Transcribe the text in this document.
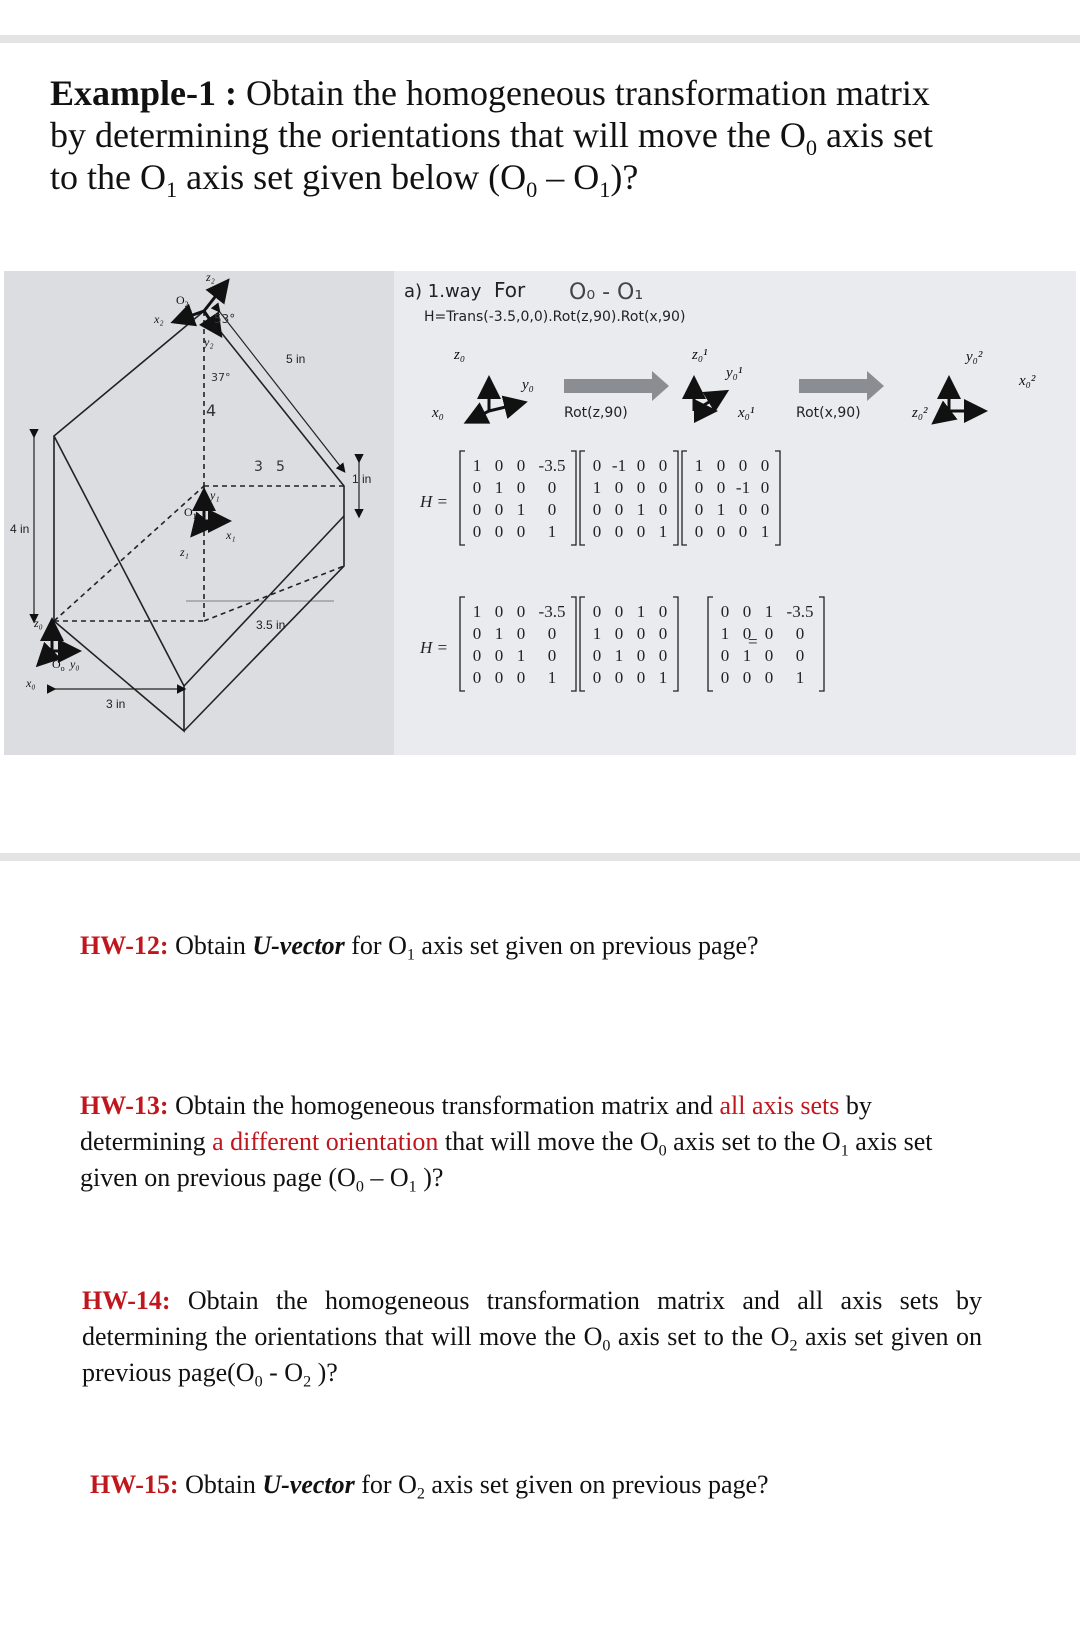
Example-1 : Obtain the homogeneous transformation matrix by determining the orientations that will move the $O_0$ axis set to the $O_1$ axis set given below $(O_0 - O_1)$?
5 in
1 in
4 in
3.5 in
3 in
z₂
x₂
y₂
$O_2$
53°
37°
4
3 5
y₁
x₁
z₁
$O_1$
z₀
y₀
x₀
$O_o$
a) 1.way For O₀ - O₁
H=Trans(-3.5,0,0).Rot(z,90).Rot(x,90)
z₀
y₀
x₀	Rot(z,90)
z₀¹
y₀¹
x₀¹	Rot(x,90)
y₀²
x₀²
z₀²
H =
1 0 0 -3.5
0 1 0 0
0 0 1 0
0 0 0 1
0 -1 0 0
1 0 0 0
0 0 1 0
0 0 0 1
1 0 0 0
0 0 -1 0
0 1 0 0
0 0 0 1
H =	=
1 0 0 -3.5
0 1 0 0
0 0 1 0
0 0 0 1
0 0 1 0
1 0 0 0
0 1 0 0
0 0 0 1
0 0 1 -3.5
1 0 0 0
0 1 0 0
0 0 0 1
HW-12: Obtain U-vector for $O_1$ axis set given on previous page?
HW-13: Obtain the homogeneous transformation matrix and all axis sets by determining a different orientation that will move the $O_0$ axis set to the $O_1$ axis set given on previous page ($O_0 - O_1$ )?
HW-14: Obtain the homogeneous transformation matrix and all axis sets by determining the orientations that will move the $O_0$ axis set to the $O_2$ axis set given on previous $page(O_0 - O_2$ )?
HW-15: Obtain U-vector for $O_2$ axis set given on previous page?
